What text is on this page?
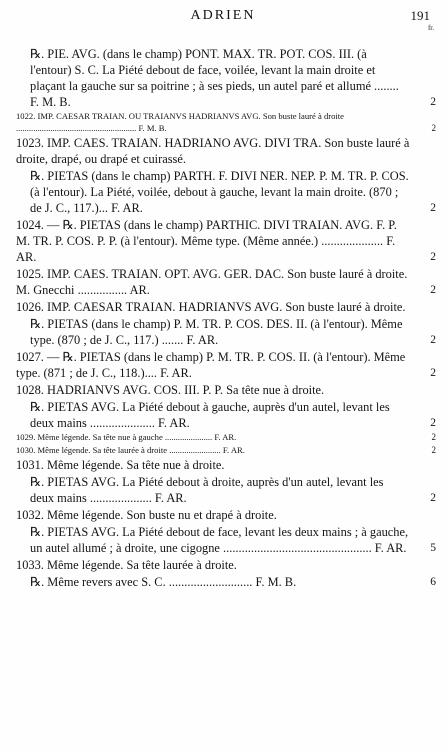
ADRIEN	191
fr.
℞. PIE. AVG. (dans le champ) PONT. MAX. TR. POT. COS. III. (à l'entour) S. C. La Piété debout de face, voilée, levant la main droite et plaçant la gauche sur sa poitrine ; à ses pieds, un autel paré et allumé ........ F. M. B.	2
1022. IMP. CAESAR TRAIAN. OU TRAIANVS HADRIANVS AVG. Son buste lauré à droite ........................................................ F. M. B.	2
1023. IMP. CAES. TRAIAN. HADRIANO AVG. DIVI TRA. Son buste lauré à droite, drapé, ou drapé et cuirassé.
℞. PIETAS (dans le champ) PARTH. F. DIVI NER. NEP. P. M. TR. P. COS. (à l'entour). La Piété, voilée, debout à gauche, levant la main droite. (870 ; de J. C., 117.)... F. AR.	2
1024. — ℞. PIETAS (dans le champ) PARTHIC. DIVI TRAIAN. AVG. F. P. M. TR. P. COS. P. P. (à l'entour). Même type. (Même année.) .................... F. AR.	2
1025. IMP. CAES. TRAIAN. OPT. AVG. GER. DAC. Son buste lauré à droite. M. Gnecchi ................ AR.	2
1026. IMP. CAESAR TRAIAN. HADRIANVS AVG. Son buste lauré à droite.
℞. PIETAS (dans le champ) P. M. TR. P. COS. DES. II. (à l'entour). Même type. (870 ; de J. C., 117.) ....... F. AR.	2
1027. — ℞. PIETAS (dans le champ) P. M. TR. P. COS. II. (à l'entour). Même type. (871 ; de J. C., 118.).... F. AR.	2
1028. HADRIANVS AVG. COS. III. P. P. Sa tête nue à droite.
℞. PIETAS AVG. La Piété debout à gauche, auprès d'un autel, levant les deux mains ..................... F. AR.	2
1029. Même légende. Sa tête nue à gauche ...................... F. AR.	2
1030. Même légende. Sa tête laurée à droite ........................ F. AR.	2
1031. Même légende. Sa tête nue à droite.
℞. PIETAS AVG. La Piété debout à droite, auprès d'un autel, levant les deux mains .................... F. AR.	2
1032. Même légende. Son buste nu et drapé à droite.
℞. PIETAS AVG. La Piété debout de face, levant les deux mains ; à gauche, un autel allumé ; à droite, une cigogne ................................................ F. AR.	5
1033. Même légende. Sa tête laurée à droite.
℞. Même revers avec S. C. ........................... F. M. B.	6
